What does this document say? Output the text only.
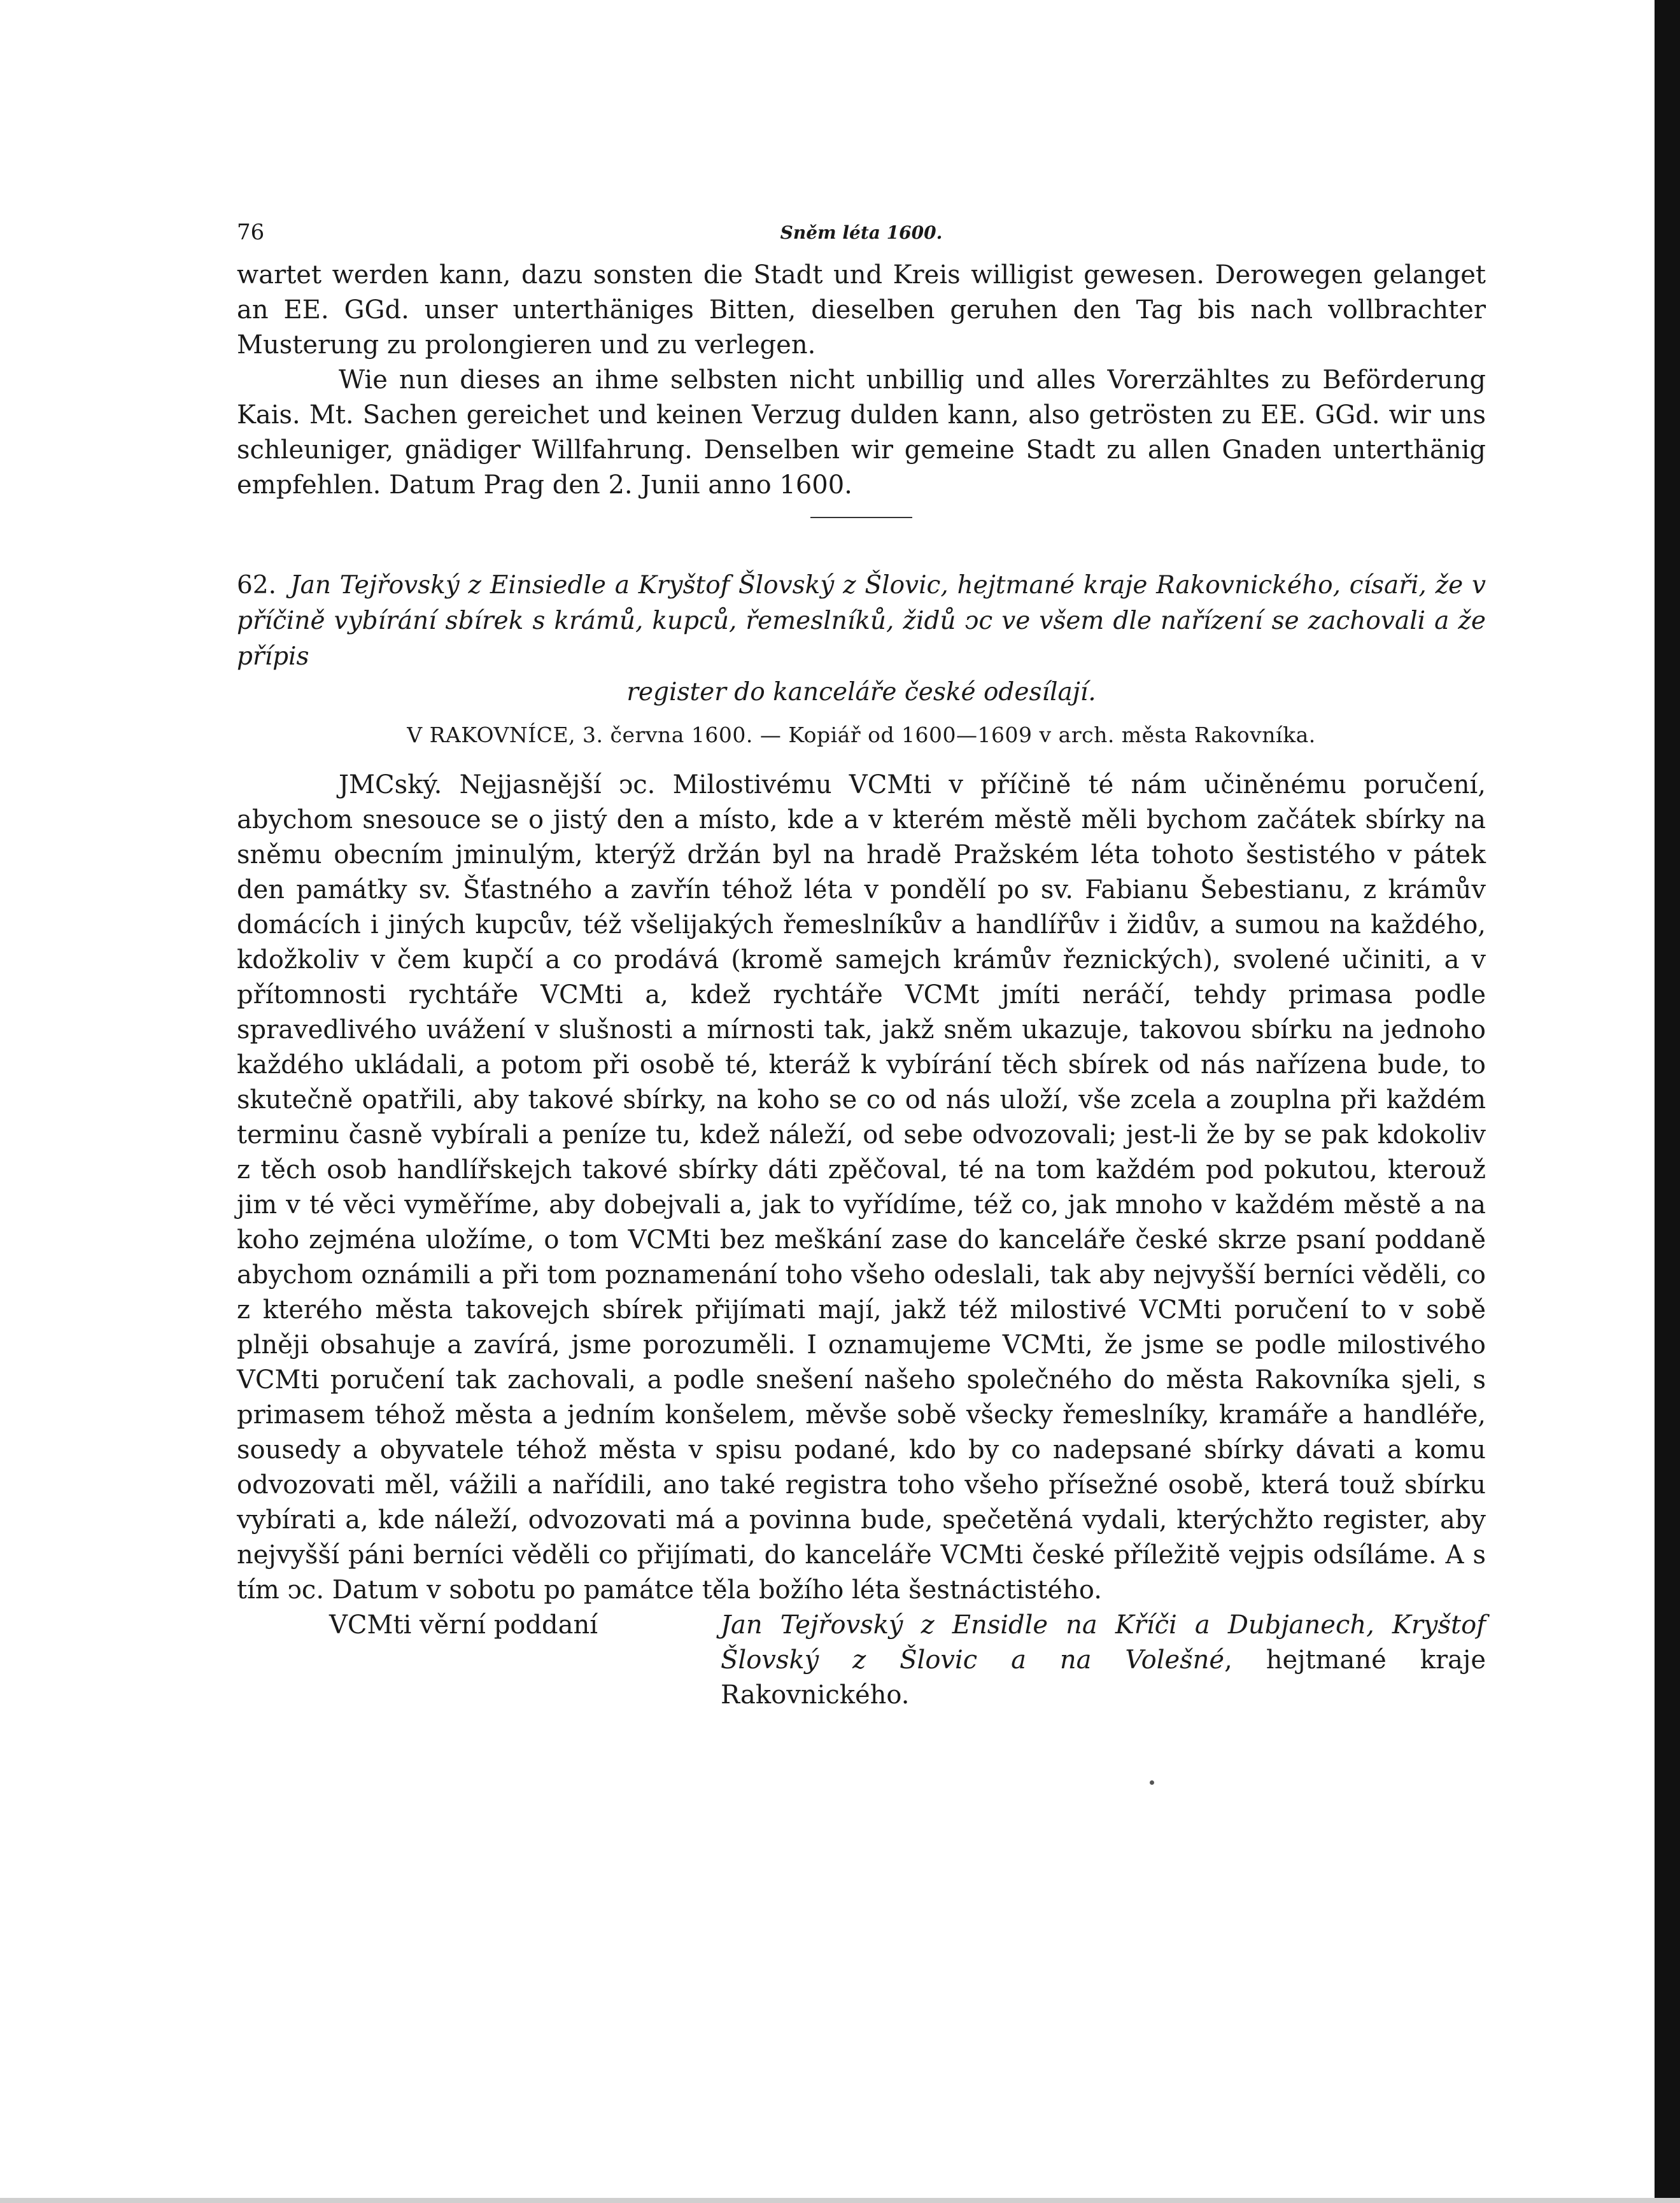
76	Sněm léta 1600.

wartet werden kann, dazu sonsten die Stadt und Kreis willigist gewesen. Derowegen gelanget an EE. GGd. unser unterthäniges Bitten, dieselben geruhen den Tag bis nach vollbrachter Musterung zu prolongieren und zu verlegen.

Wie nun dieses an ihme selbsten nicht unbillig und alles Vorerzähltes zu Beförderung Kais. Mt. Sachen gereichet und keinen Verzug dulden kann, also getrösten zu EE. GGd. wir uns schleuniger, gnädiger Willfahrung. Denselben wir gemeine Stadt zu allen Gnaden unterthänig empfehlen. Datum Prag den 2. Junii anno 1600.

62. Jan Tejřovský z Einsiedle a Kryštof Šlovský z Šlovic, hejtmané kraje Rakovnického, císaři, že v příčině vybírání sbírek s krámů, kupců, řemeslníků, židů ↄc ve všem dle nařízení se zachovali a že přípis

register do kanceláře české odesílají.
V RAKOVNÍCE, 3. června 1600. — Kopiář od 1600—1609 v arch. města Rakovníka.

JMCský. Nejjasnější ↄc. Milostivému VCMti v příčině té nám učiněnému poručení, abychom snesouce se o jistý den a místo, kde a v kterém městě měli bychom začátek sbírky na sněmu obecním jminulým, kterýž držán byl na hradě Pražském léta tohoto šestistého v pátek den památky sv. Šťastného a zavřín téhož léta v pondělí po sv. Fabianu Šebestianu, z krámův domácích i jiných kupcův, též všelijakých řemeslníkův a handlířův i židův, a sumou na každého, kdožkoliv v čem kupčí a co prodává (kromě samejch krámův řeznických), svolené učiniti, a v přítomnosti rychtáře VCMti a, kdež rychtáře VCMt jmíti neráčí, tehdy primasa podle spravedlivého uvážení v slušnosti a mírnosti tak, jakž sněm ukazuje, takovou sbírku na jednoho každého ukládali, a potom při osobě té, kteráž k vybírání těch sbírek od nás nařízena bude, to skutečně opatřili, aby takové sbírky, na koho se co od nás uloží, vše zcela a zouplna při každém terminu časně vybírali a peníze tu, kdež náleží, od sebe odvozovali; jest-li že by se pak kdokoliv z těch osob handlířskejch takové sbírky dáti zpěčoval, té na tom každém pod pokutou, kterouž jim v té věci vyměříme, aby dobejvali a, jak to vyřídíme, též co, jak mnoho v každém městě a na koho zejména uložíme, o tom VCMti bez meškání zase do kanceláře české skrze psaní poddaně abychom oznámili a při tom poznamenání toho všeho odeslali, tak aby nejvyšší berníci věděli, co z kterého města takovejch sbírek přijímati mají, jakž též milostivé VCMti poručení to v sobě plněji obsahuje a zavírá, jsme porozuměli. I oznamujeme VCMti, že jsme se podle milostivého VCMti poručení tak zachovali, a podle snešení našeho společného do města Rakovníka sjeli, s primasem téhož města a jedním konšelem, měvše sobě všecky řemeslníky, kramáře a handléře, sousedy a obyvatele téhož města v spisu podané, kdo by co nadepsané sbírky dávati a komu odvozovati měl, vážili a nařídili, ano také registra toho všeho přísežné osobě, která touž sbírku vybírati a, kde náleží, odvozovati má a povinna bude, spečetěná vydali, kterýchžto register, aby nejvyšší páni berníci věděli co přijímati, do kanceláře VCMti české příležitě vejpis odsíláme. A s tím ↄc. Datum v sobotu po památce těla božího léta šestnáctistého.

VCMti věrní poddaní	Jan Tejřovský z Ensidle na Kříči a Dubjanech, Kryštof Šlovský z Šlovic a na Volešné, hejtmané kraje Rakovnického.
